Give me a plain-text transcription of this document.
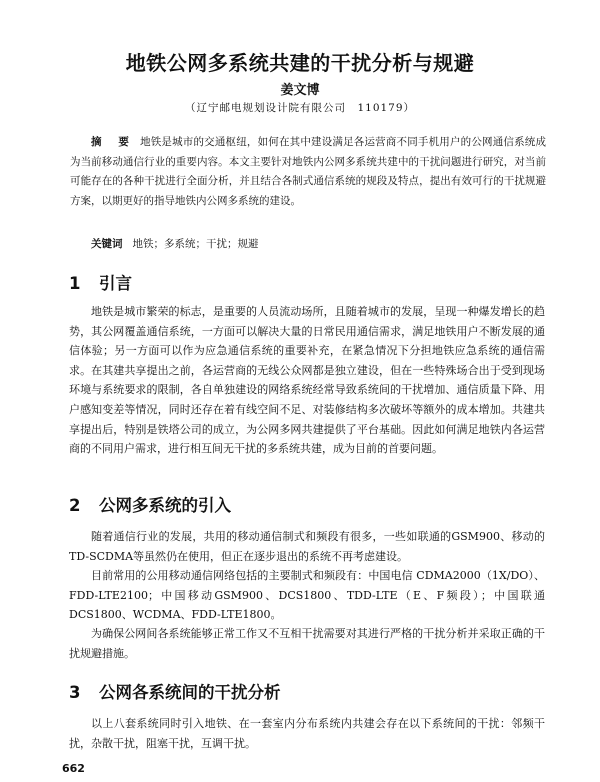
地铁公网多系统共建的干扰分析与规避
姜文博
（辽宁邮电规划设计院有限公司　110179）
摘　要 地铁是城市的交通枢纽，如何在其中建设满足各运营商不同手机用户的公网通信系统成为当前移动通信行业的重要内容。本文主要针对地铁内公网多系统共建中的干扰问题进行研究，对当前可能存在的各种干扰进行全面分析，并且结合各制式通信系统的规段及特点，提出有效可行的干扰规避方案，以期更好的指导地铁内公网多系统的建设。
关键词 地铁；多系统；干扰；规避
1 引言
地铁是城市繁荣的标志，是重要的人员流动场所，且随着城市的发展，呈现一种爆发增长的趋势，其公网覆盖通信系统，一方面可以解决大量的日常民用通信需求，满足地铁用户不断发展的通信体验；另一方面可以作为应急通信系统的重要补充，在紧急情况下分担地铁应急系统的通信需求。在其建共享提出之前，各运营商的无线公众网都是独立建设，但在一些特殊场合出于受到现场环境与系统要求的限制，各自单独建设的网络系统经常导致系统间的干扰增加、通信质量下降、用户感知变差等情况，同时还存在着有线空间不足、对装修结构多次破坏等额外的成本增加。共建共享提出后，特别是铁塔公司的成立，为公网多网共建提供了平台基础。因此如何满足地铁内各运营商的不同用户需求，进行相互间无干扰的多系统共建，成为目前的首要问题。
2 公网多系统的引入
随着通信行业的发展，共用的移动通信制式和频段有很多，一些如联通的GSM900、移动的TD-SCDMA等虽然仍在使用，但正在逐步退出的系统不再考虑建设。
目前常用的公用移动通信网络包括的主要制式和频段有：中国电信 CDMA2000（1X/DO）、FDD-LTE2100；中国移动GSM900、DCS1800、TDD-LTE（E、F频段）；中国联通DCS1800、WCDMA、FDD-LTE1800。
为确保公网间各系统能够正常工作又不互相干扰需要对其进行严格的干扰分析并采取正确的干扰规避措施。
3 公网各系统间的干扰分析
以上八套系统同时引入地铁、在一套室内分布系统内共建会存在以下系统间的干扰：邻频干扰，杂散干扰，阻塞干扰，互调干扰。
662
